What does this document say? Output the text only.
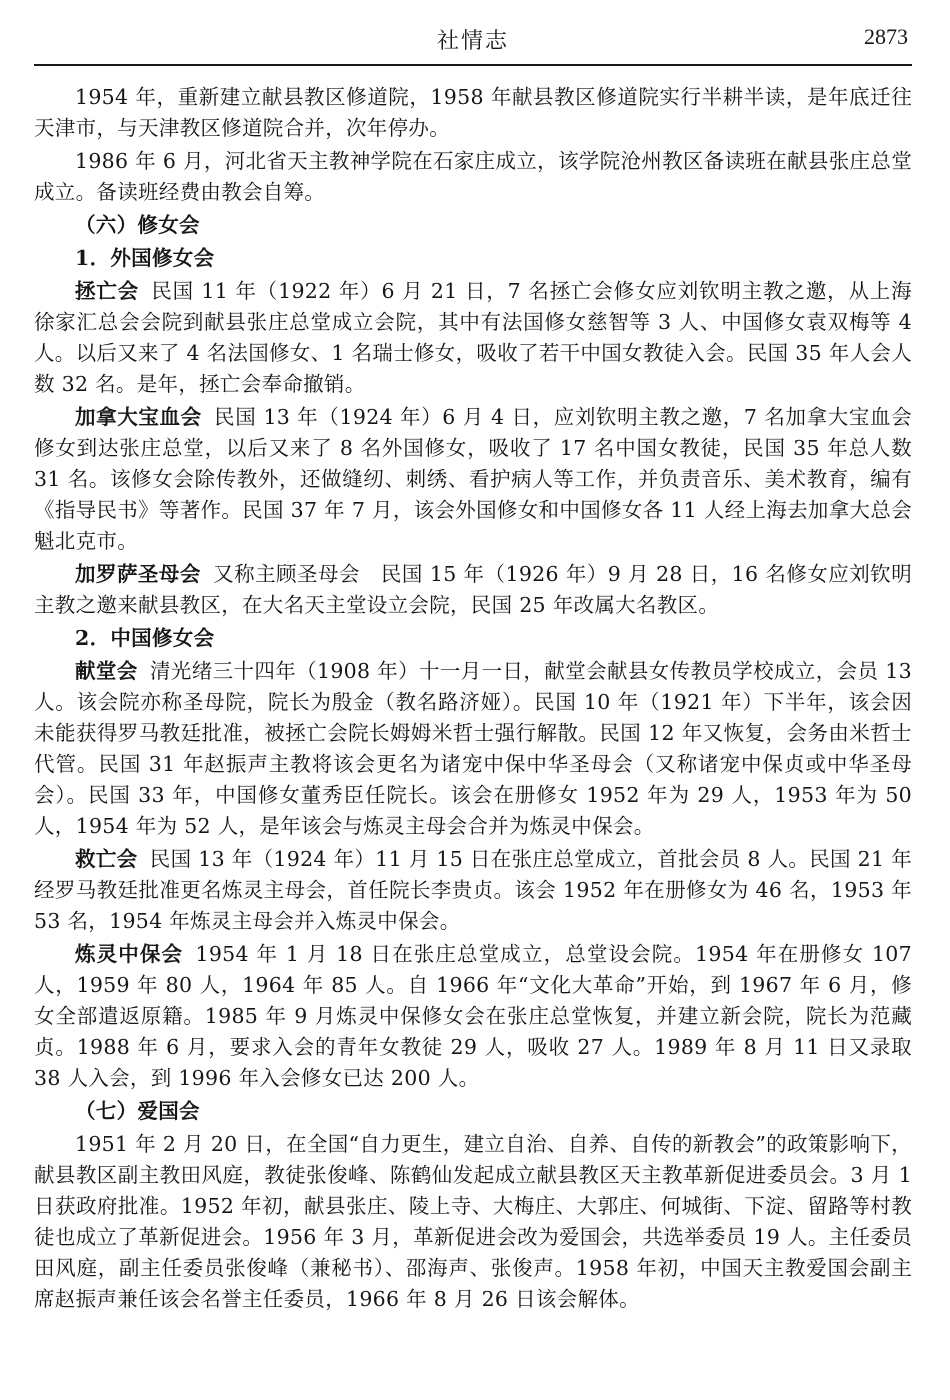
社情志	2873

1954 年，重新建立献县教区修道院，1958 年献县教区修道院实行半耕半读，是年底迁往天津市，与天津教区修道院合并，次年停办。

1986 年 6 月，河北省天主教神学院在石家庄成立，该学院沧州教区备读班在献县张庄总堂成立。备读班经费由教会自筹。

（六）修女会

1．外国修女会

拯亡会 民国 11 年（1922 年）6 月 21 日，7 名拯亡会修女应刘钦明主教之邀，从上海徐家汇总会会院到献县张庄总堂成立会院，其中有法国修女慈智等 3 人、中国修女袁双梅等 4 人。以后又来了 4 名法国修女、1 名瑞士修女，吸收了若干中国女教徒入会。民国 35 年人会人数 32 名。是年，拯亡会奉命撤销。

加拿大宝血会 民国 13 年（1924 年）6 月 4 日，应刘钦明主教之邀，7 名加拿大宝血会修女到达张庄总堂，以后又来了 8 名外国修女，吸收了 17 名中国女教徒，民国 35 年总人数 31 名。该修女会除传教外，还做缝纫、刺绣、看护病人等工作，并负责音乐、美术教育，编有《指导民书》等著作。民国 37 年 7 月，该会外国修女和中国修女各 11 人经上海去加拿大总会魁北克市。

加罗萨圣母会 又称主顾圣母会　民国 15 年（1926 年）9 月 28 日，16 名修女应刘钦明主教之邀来献县教区，在大名天主堂设立会院，民国 25 年改属大名教区。

2．中国修女会

献堂会 清光绪三十四年（1908 年）十一月一日，献堂会献县女传教员学校成立，会员 13 人。该会院亦称圣母院，院长为殷金（教名路济娅）。民国 10 年（1921 年）下半年，该会因未能获得罗马教廷批准，被拯亡会院长姆姆米哲士强行解散。民国 12 年又恢复，会务由米哲士代管。民国 31 年赵振声主教将该会更名为诸宠中保中华圣母会（又称诸宠中保贞或中华圣母会）。民国 33 年，中国修女董秀臣任院长。该会在册修女 1952 年为 29 人，1953 年为 50 人，1954 年为 52 人，是年该会与炼灵主母会合并为炼灵中保会。

救亡会 民国 13 年（1924 年）11 月 15 日在张庄总堂成立，首批会员 8 人。民国 21 年经罗马教廷批准更名炼灵主母会，首任院长李贵贞。该会 1952 年在册修女为 46 名，1953 年 53 名，1954 年炼灵主母会并入炼灵中保会。

炼灵中保会 1954 年 1 月 18 日在张庄总堂成立，总堂设会院。1954 年在册修女 107 人，1959 年 80 人，1964 年 85 人。自 1966 年“文化大革命”开始，到 1967 年 6 月，修女全部遣返原籍。1985 年 9 月炼灵中保修女会在张庄总堂恢复，并建立新会院，院长为范藏贞。1988 年 6 月，要求入会的青年女教徒 29 人，吸收 27 人。1989 年 8 月 11 日又录取 38 人入会，到 1996 年入会修女已达 200 人。

（七）爱国会

1951 年 2 月 20 日，在全国“自力更生，建立自治、自养、自传的新教会”的政策影响下，献县教区副主教田风庭，教徒张俊峰、陈鹤仙发起成立献县教区天主教革新促进委员会。3 月 1 日获政府批准。1952 年初，献县张庄、陵上寺、大梅庄、大郭庄、何城街、下淀、留路等村教徒也成立了革新促进会。1956 年 3 月，革新促进会改为爱国会，共选举委员 19 人。主任委员田风庭，副主任委员张俊峰（兼秘书）、邵海声、张俊声。1958 年初，中国天主教爱国会副主席赵振声兼任该会名誉主任委员，1966 年 8 月 26 日该会解体。
